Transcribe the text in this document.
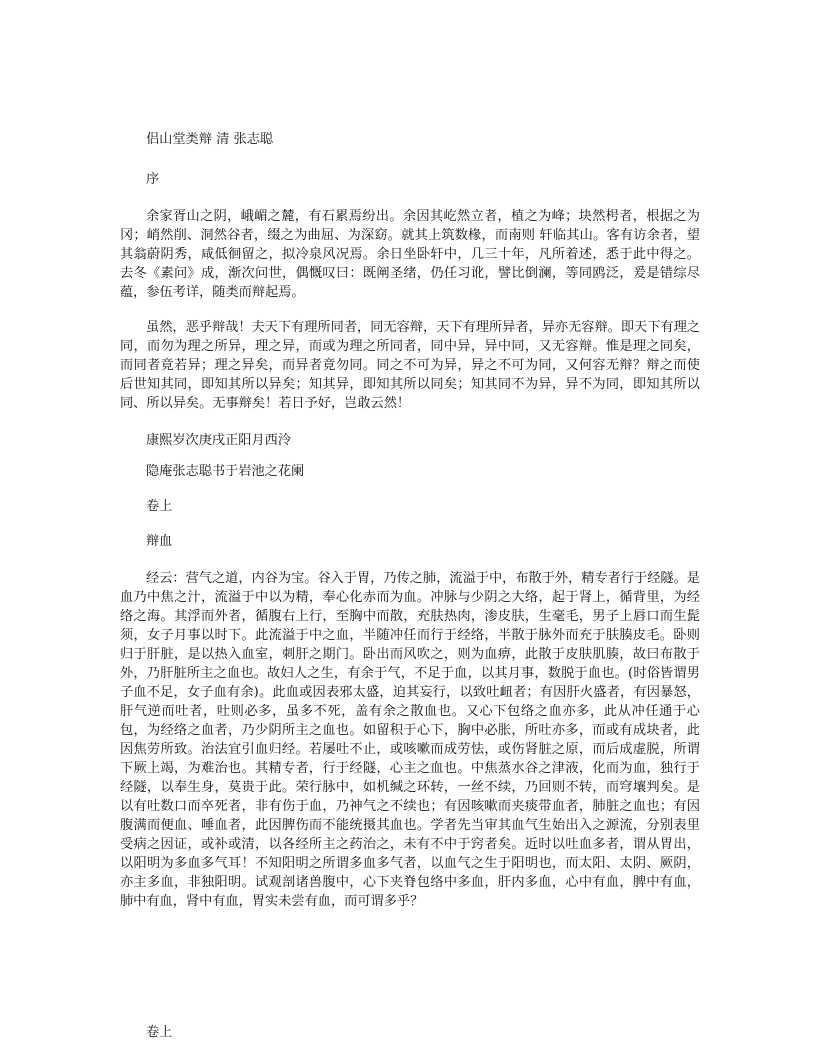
侣山堂类辩 清 张志聪

序

余家胥山之阴，峨嵋之麓，有石累焉纷出。余因其屹然立者，植之为峰；块然枵者，根据之为冈；峭然削、洞然谷者，缀之为曲屈、为深窈。就其上筑数椽，而南则 轩临其山。客有访余者，望其翁蔚阴秀，咸低徊留之，拟冷泉风况焉。余日坐卧轩中，几三十年，凡所着述，悉于此中得之。去冬《素问》成，渐次问世，偶慨叹曰：既阐圣绪，仍任习讹，譬比倒澜，等同鸥泛，爰是错综尽蕴，参伍考详，随类而辩起焉。

虽然，恶乎辩哉！夫天下有理所同者，同无容辩，天下有理所异者，异亦无容辩。即天下有理之同，而勿为理之所异，理之异，而或为理之所同者，同中异，异中同，又无容辩。惟是理之同矣，而同者竟若异；理之异矣，而异者竟勿同。同之不可为异，异之不可为同，又何容无辩？辩之而使后世知其同，即知其所以异矣；知其异，即知其所以同矣；知其同不为异，异不为同，即知其所以同、所以异矣。无事辩矣！若日予好，岂敢云然！

康熙岁次庚戌正阳月西泠

隐庵张志聪书于岩池之花阑

卷上

辩血

经云：营气之道，内谷为宝。谷入于胃，乃传之肺，流溢于中，布散于外，精专者行于经隧。是血乃中焦之汁，流溢于中以为精，奉心化赤而为血。冲脉与少阴之大络，起于肾上，循背里，为经络之海。其浮而外者，循腹右上行，至胸中而散，充肤热肉，渗皮肤，生毫毛，男子上唇口而生髭须，女子月事以时下。此流溢于中之血，半随冲任而行于经络，半散于脉外而充于肤腠皮毛。卧则归于肝脏，是以热入血室，刺肝之期门。卧出而风吹之，则为血痹，此散于皮肤肌腠，故曰布散于外，乃肝脏所主之血也。故妇人之生，有余于气，不足于血，以其月事，数脱于血也。(时俗皆谓男子血不足，女子血有余)。此血或因表邪太盛，迫其妄行，以致吐衄者；有因肝火盛者，有因暴怒，肝气逆而吐者，吐则必多，虽多不死，盖有余之散血也。又心下包络之血亦多，此从冲任通于心包，为经络之血者，乃少阴所主之血也。如留积于心下，胸中必胀，所吐亦多，而或有成块者，此因焦劳所致。治法宜引血归经。若屡吐不止，或咳嗽而成劳怯，或伤肾脏之原，而后成虚脱，所谓下厥上竭，为难治也。其精专者，行于经隧，心主之血也。中焦蒸水谷之津液，化而为血，独行于经隧，以奉生身，莫贵于此。荣行脉中，如机缄之环转，一丝不续，乃回则不转，而穹壤判矣。是以有吐数口而卒死者，非有伤于血，乃神气之不续也；有因咳嗽而夹痰带血者，肺脏之血也；有因腹满而便血、唾血者，此因脾伤而不能统摄其血也。学者先当审其血气生始出入之源流，分别表里受病之因证，或补或清，以各经所主之药治之，未有不中于窍者矣。近时以吐血多者，谓从胃出，以阳明为多血多气耳！不知阳明之所谓多血多气者，以血气之生于阳明也，而太阳、太阴、厥阴，亦主多血，非独阳明。试观剖诸兽腹中，心下夹脊包络中多血，肝内多血，心中有血，脾中有血，肺中有血，肾中有血，胃实未尝有血，而可谓多乎？

卷上
